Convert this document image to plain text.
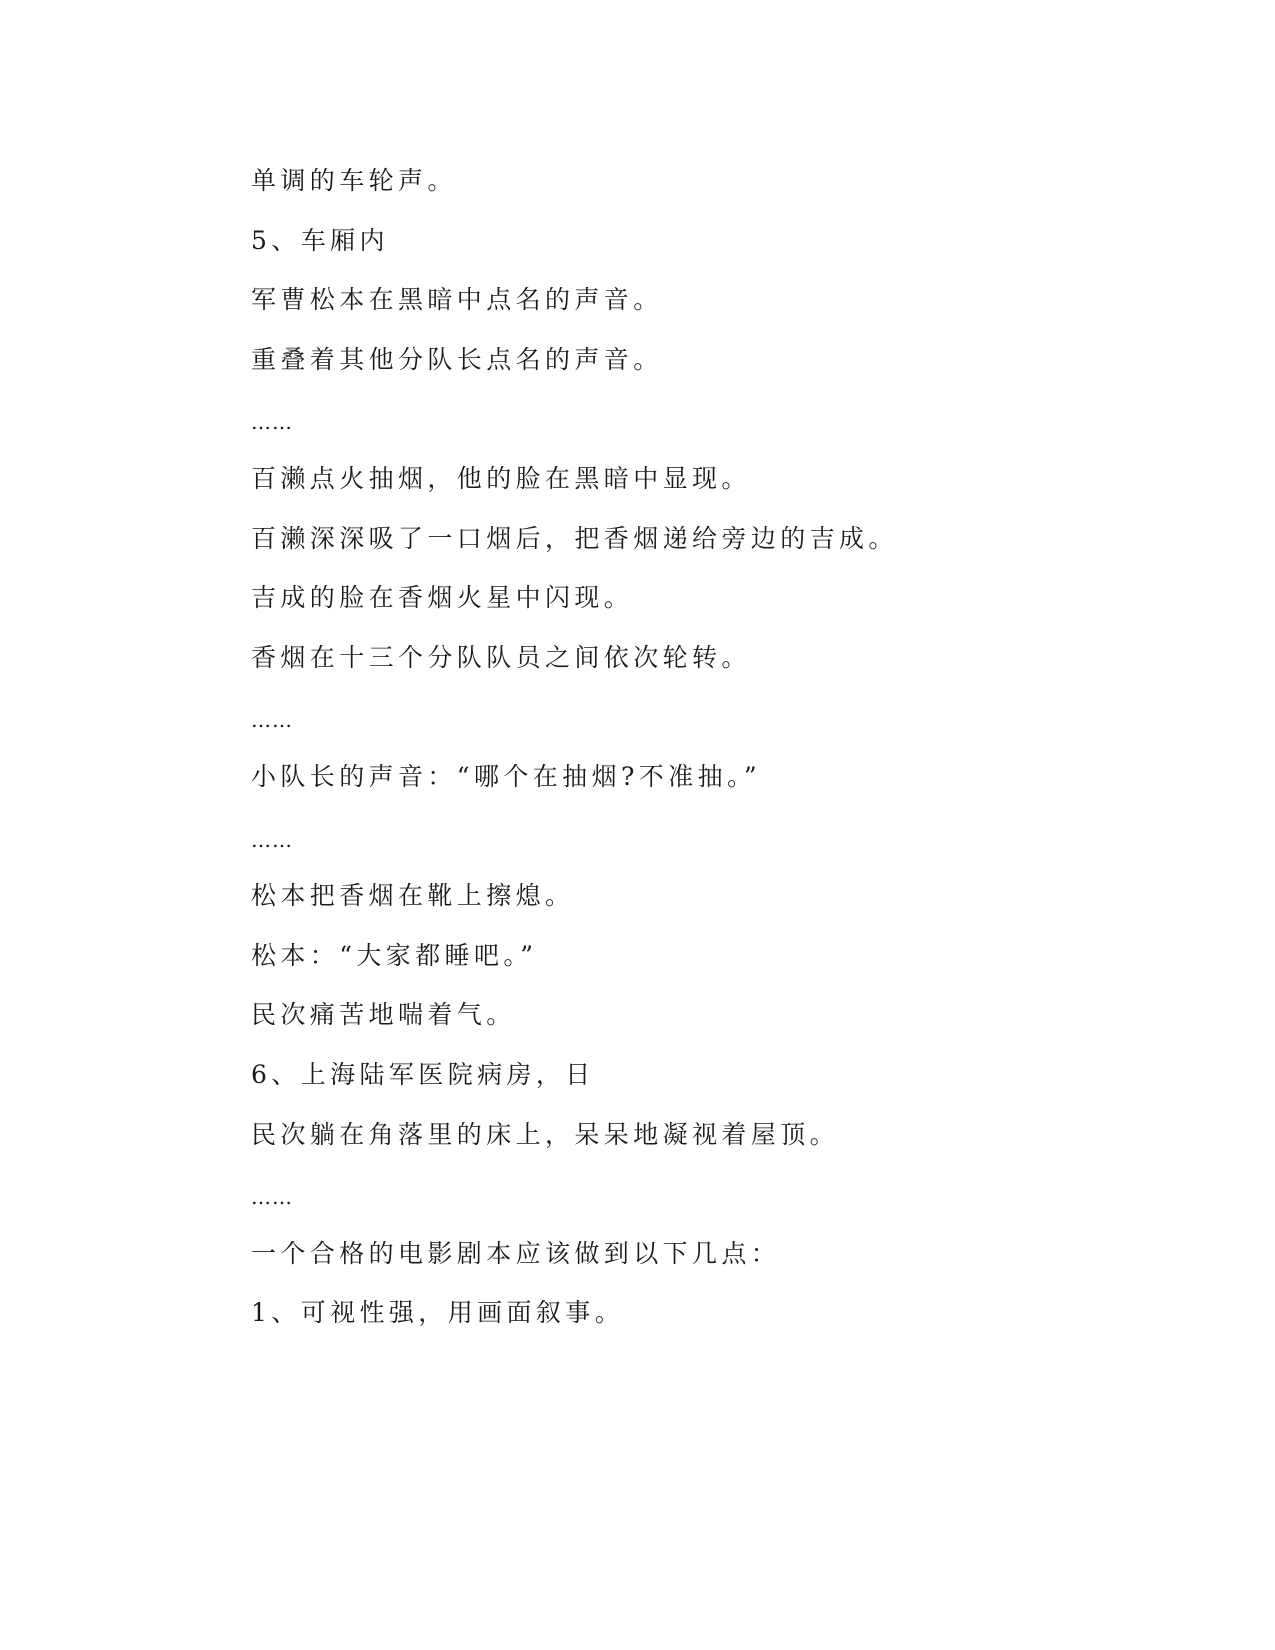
单调的车轮声。
5、车厢内
军曹松本在黑暗中点名的声音。
重叠着其他分队长点名的声音。
……
百濑点火抽烟，他的脸在黑暗中显现。
百濑深深吸了一口烟后，把香烟递给旁边的吉成。
吉成的脸在香烟火星中闪现。
香烟在十三个分队队员之间依次轮转。
……
小队长的声音：“哪个在抽烟?不准抽。”
……
松本把香烟在靴上擦熄。
松本：“大家都睡吧。”
民次痛苦地喘着气。
6、上海陆军医院病房，日
民次躺在角落里的床上，呆呆地凝视着屋顶。
……
一个合格的电影剧本应该做到以下几点：
1、可视性强，用画面叙事。
